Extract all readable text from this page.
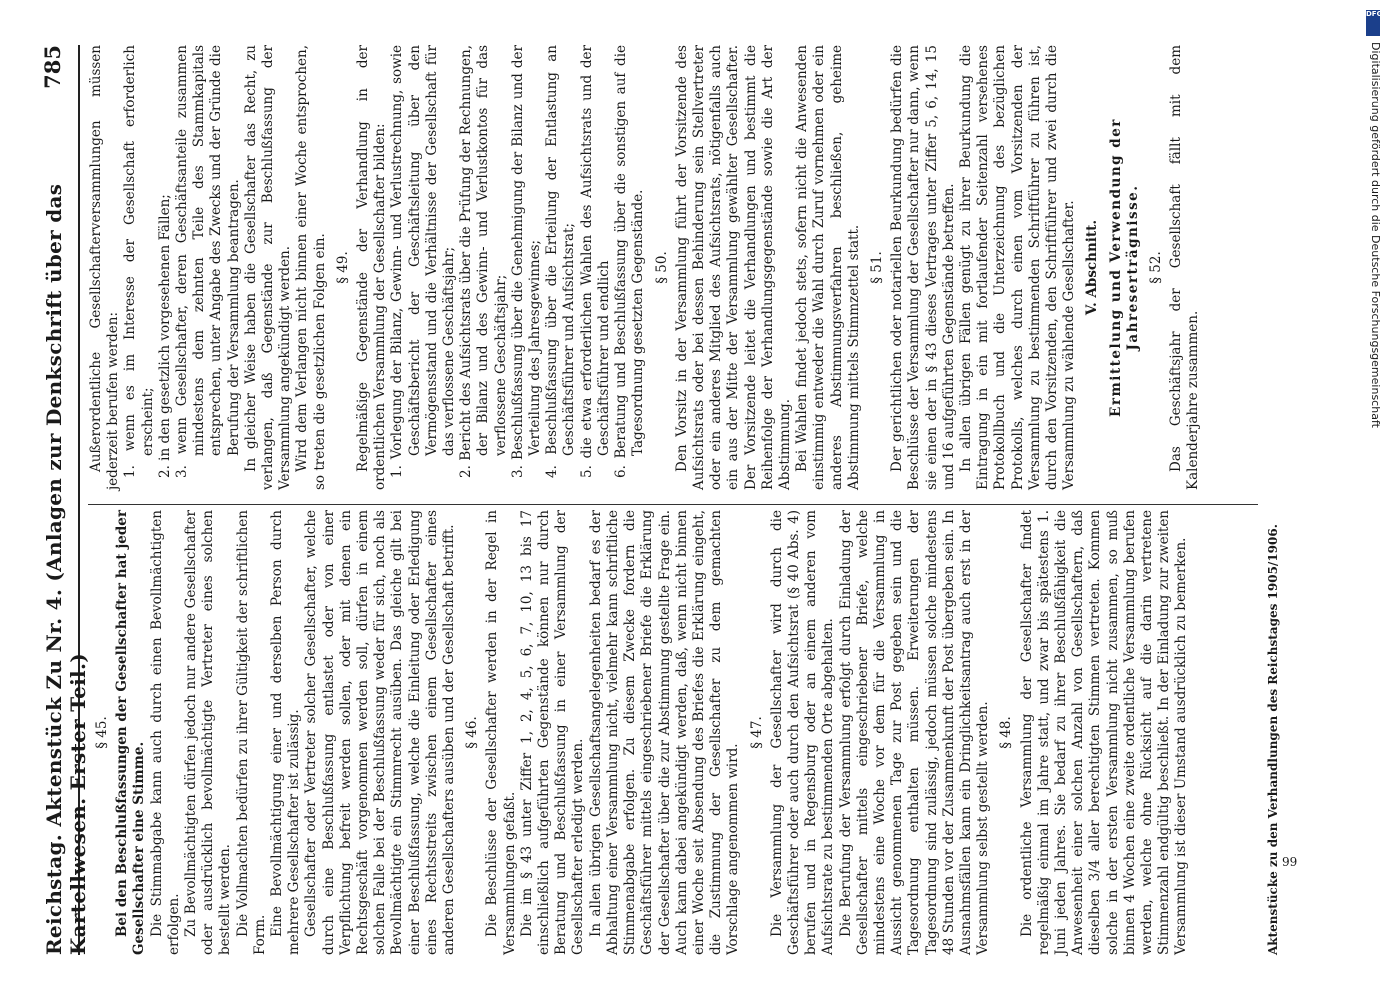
Reichstag. Aktenstück Zu Nr. 4. (Anlagen zur Denkschrift über das Kartellwesen. Erster Teil.)
785

§ 45. Bei den Beschlußfassungen der Gesellschafter hat jeder Gesellschafter eine Stimme. Die Stimmabgabe kann auch durch einen Bevollmächtigten erfolgen. Zu Bevollmächtigten dürfen jedoch nur andere Gesellschafter oder ausdrücklich bevollmächtigte Vertreter eines solchen bestellt werden. Die Vollmachten bedürfen zu ihrer Gültigkeit der schriftlichen Form. Eine Bevollmächtigung einer und derselben Person durch mehrere Gesellschafter ist zulässig. Gesellschafter oder Vertreter solcher Gesellschafter, welche durch eine Beschlußfassung entlastet oder von einer Verpflichtung befreit werden sollen, oder mit denen ein Rechtsgeschäft vorgenommen werden soll, dürfen in einem solchen Falle bei der Beschlußfassung weder für sich, noch als Bevollmächtigte ein Stimmrecht ausüben. Das gleiche gilt bei einer Beschlußfassung, welche die Einleitung oder Erledigung eines Rechtsstreits zwischen einem Gesellschafter eines anderen Gesellschafters ausüben und der Gesellschaft betrifft. § 46. Die Beschlüsse der Gesellschafter werden in der Regel in Versammlungen gefaßt. Die im § 43 unter Ziffer 1, 2, 4, 5, 6, 7, 10, 13 bis 17 einschließlich aufgeführten Gegenstände können nur durch Beratung und Beschlußfassung in einer Versammlung der Gesellschafter erledigt werden. In allen übrigen Gesellschaftsangelegenheiten bedarf es der Abhaltung einer Versammlung nicht, vielmehr kann schriftliche Stimmenabgabe erfolgen. Zu diesem Zwecke fordern die Geschäftsführer mittels eingeschriebener Briefe die Erklärung der Gesellschafter über die zur Abstimmung gestellte Frage ein. Auch kann dabei angekündigt werden, daß, wenn nicht binnen einer Woche seit Absendung des Briefes die Erklärung eingeht, die Zustimmung der Gesellschafter zu dem gemachten Vorschlage angenommen wird.

§ 47. Die Versammlung der Gesellschafter wird durch die Geschäftsführer oder auch durch den Aufsichtsrat (§ 40 Abs. 4) berufen und in Regensburg oder an einem anderen vom Aufsichtsrate zu bestimmenden Orte abgehalten. Die Berufung der Versammlung erfolgt durch Einladung der Gesellschafter mittels eingeschriebener Briefe, welche mindestens eine Woche vor dem für die Versammlung in Aussicht genommenen Tage zur Post gegeben sein und die Tagesordnung enthalten müssen. Erweiterungen der Tagesordnung sind zulässig, jedoch müssen solche mindestens 48 Stunden vor der Zusammenkunft der Post übergeben sein. In Ausnahmsfällen kann ein Dringlichkeitsantrag auch erst in der Versammlung selbst gestellt werden. § 48. Die ordentliche Versammlung der Gesellschafter findet regelmäßig einmal im Jahre statt, und zwar bis spätestens 1. Juni jeden Jahres. Sie bedarf zu ihrer Beschlußfähigkeit die Anwesenheit einer solchen Anzahl von Gesellschaftern, daß dieselben 3/4 aller berechtigten Stimmen vertreten. Kommen solche in der ersten Versammlung nicht zusammen, so muß binnen 4 Wochen eine zweite ordentliche Versammlung berufen werden, welche ohne Rücksicht auf die darin vertretene Stimmenzahl endgültig beschließt. In der Einladung zur zweiten Versammlung ist dieser Umstand ausdrücklich zu bemerken.

Außerordentliche Gesellschafterversammlungen müssen jederzeit berufen werden: 1. wenn es im Interesse der Gesellschaft erforderlich erscheint; 2. in den gesetzlich vorgesehenen Fällen; 3. wenn Gesellschafter, deren Geschäftsanteile zusammen mindestens dem zehnten Teile des Stammkapitals entsprechen, unter Angabe des Zwecks und der Gründe die Berufung der Versammlung beantragen. In gleicher Weise haben die Gesellschafter das Recht, zu verlangen, daß Gegenstände zur Beschlußfassung der Versammlung angekündigt werden. Wird dem Verlangen nicht binnen einer Woche entsprochen, so treten die gesetzlichen Folgen ein. § 49. Regelmäßige Gegenstände der Verhandlung in der ordentlichen Versammlung der Gesellschafter bilden: 1. Vorlegung der Bilanz, Gewinn- und Verlustrechnung, sowie Geschäftsbericht der Geschäftsleitung über den Vermögensstand und die Verhältnisse der Gesellschaft für das verflossene Geschäftsjahr; 2. Bericht des Aufsichtsrats über die Prüfung der Rechnungen, der Bilanz und des Gewinn- und Verlustkontos für das verflossene Geschäftsjahr; 3. Beschlußfassung über die Genehmigung der Bilanz und der Verteilung des Jahresgewinnes; 4. Beschlußfassung über die Erteilung der Entlastung an Geschäftsführer und Aufsichtsrat; 5. die etwa erforderlichen Wahlen des Aufsichtsrats und der Geschäftsführer und endlich 6. Beratung und Beschlußfassung über die sonstigen auf die Tagesordnung gesetzten Gegenstände. § 50. Den Vorsitz in der Versammlung führt der Vorsitzende des Aufsichtsrats oder bei dessen Behinderung sein Stellvertreter oder ein anderes Mitglied des Aufsichtsrats, nötigenfalls auch ein aus der Mitte der Versammlung gewählter Gesellschafter. Der Vorsitzende leitet die Verhandlungen und bestimmt die Reihenfolge der Verhandlungsgegenstände sowie die Art der Abstimmung. Bei Wahlen findet jedoch stets, sofern nicht die Anwesenden einstimmig entweder die Wahl durch Zuruf vornehmen oder ein anderes Abstimmungsverfahren beschließen, geheime Abstimmung mittels Stimmzettel statt. § 51. Der gerichtlichen oder notariellen Beurkundung bedürfen die Beschlüsse der Versammlung der Gesellschafter nur dann, wenn sie einen der in § 43 dieses Vertrages unter Ziffer 5, 6, 14, 15 und 16 aufgeführten Gegenstände betreffen. In allen übrigen Fällen genügt zu ihrer Beurkundung die Eintragung in ein mit fortlaufender Seitenzahl versehenes Protokollbuch und die Unterzeichnung des bezüglichen Protokolls, welches durch einen vom Vorsitzenden der Versammlung zu bestimmenden Schriftführer zu führen ist, durch den Vorsitzenden, den Schriftführer und zwei durch die Versammlung zu wählende Gesellschafter. V. Abschnitt. Ermittelung und Verwendung der Jahreserträgnisse. § 52. Das Geschäftsjahr der Gesellschaft fällt mit dem Kalenderjahre zusammen.

Aktenstücke zu den Verhandlungen des Reichstages 1905/1906. 99
DFG
Digitalisierung gefördert durch die Deutsche Forschungsgemeinschaft
